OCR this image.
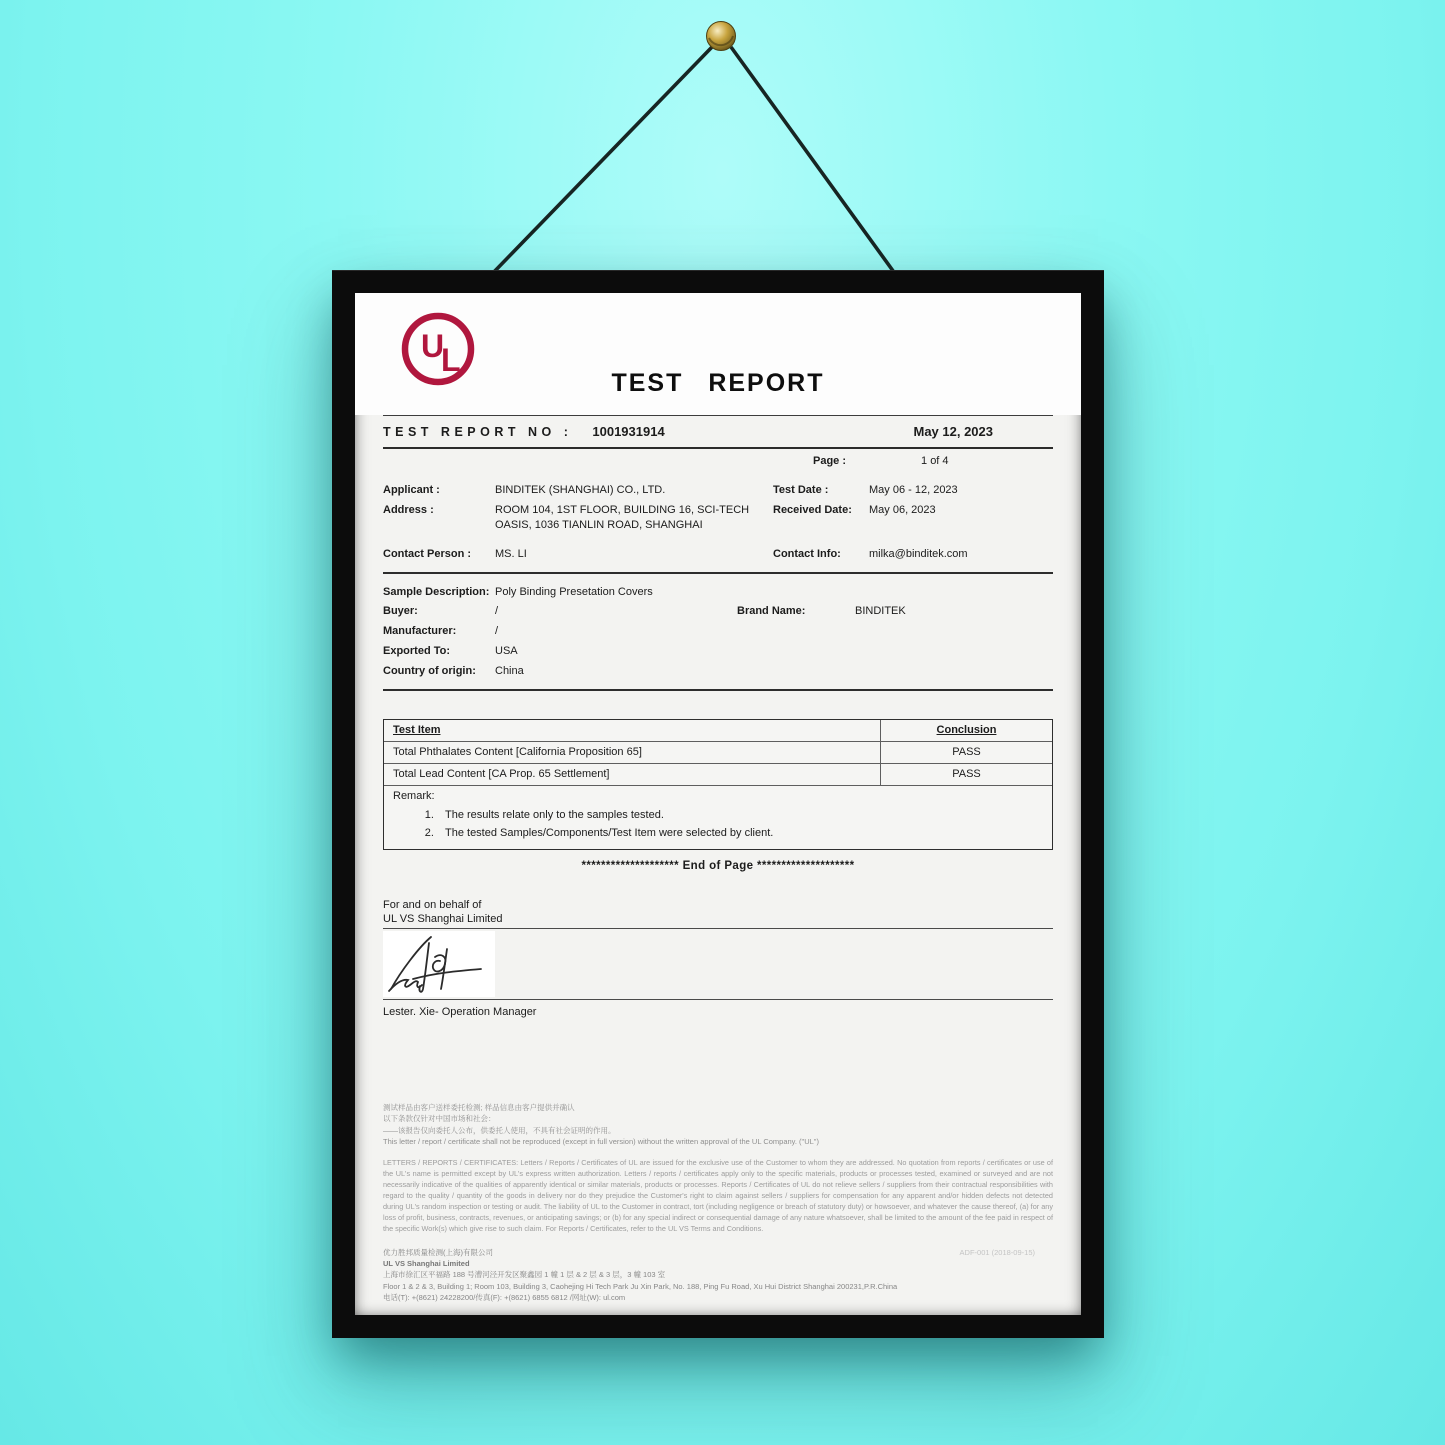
U
L
TEST REPORT
TEST REPORT NO : 1001931914	May 12, 2023
Page :	1 of 4
Applicant :	BINDITEK (SHANGHAI) CO., LTD.	Test Date :	May 06 - 12, 2023
Address :	ROOM 104, 1ST FLOOR, BUILDING 16, SCI-TECH OASIS, 1036 TIANLIN ROAD, SHANGHAI
Received Date:	May 06, 2023
Contact Person :	MS. LI	Contact Info:	milka@binditek.com
Sample Description: Poly Binding Presetation Covers
Buyer:	/	Brand Name:	BINDITEK
Manufacturer:	/
Exported To:	USA
Country of origin:	China
Test Item	Conclusion
Total Phthalates Content [California Proposition 65]	PASS
Total Lead Content [CA Prop. 65 Settlement]	PASS
Remark:
1. The results relate only to the samples tested.
2. The tested Samples/Components/Test Item were selected by client.
******************** End of Page ********************
For and on behalf of
UL VS Shanghai Limited
Lester. Xie- Operation Manager
测试样品由客户送样委托检测; 样品信息由客户提供并确认
以下条款仅针对中国市场和社会：
——该报告仅向委托人公布，供委托人使用，不具有社会证明的作用。
This letter / report / certificate shall not be reproduced (except in full version) without the written approval of the UL Company. ("UL")
LETTERS / REPORTS / CERTIFICATES: Letters / Reports / Certificates of UL are issued for the exclusive use of the Customer to whom they are addressed. No quotation from reports / certificates or use of the UL's name is permitted except by UL's express written authorization. Letters / reports / certificates apply only to the specific materials, products or processes tested, examined or surveyed and are not necessarily indicative of the qualities of apparently identical or similar materials, products or processes. Reports / Certificates of UL do not relieve sellers / suppliers from their contractual responsibilities with regard to the quality / quantity of the goods in delivery nor do they prejudice the Customer's right to claim against sellers / suppliers for compensation for any apparent and/or hidden defects not detected during UL's random inspection or testing or audit. The liability of UL to the Customer in contract, tort (including negligence or breach of statutory duty) or howsoever, and whatever the cause thereof, (a) for any loss of profit, business, contracts, revenues, or anticipating savings; or (b) for any special indirect or consequential damage of any nature whatsoever, shall be limited to the amount of the fee paid in respect of the specific Work(s) which give rise to such claim. For Reports / Certificates, refer to the UL VS Terms and Conditions.
优力胜邦质量检测(上海)有限公司
UL VS Shanghai Limited
上海市徐汇区平福路 188 号漕河泾开发区聚鑫园 1 幢 1 层 & 2 层 & 3 层，3 幢 103 室
Floor 1 & 2 & 3, Building 1; Room 103, Building 3, Caohejing Hi Tech Park Ju Xin Park, No. 188, Ping Fu Road, Xu Hui District Shanghai 200231,P.R.China
电话(T): +(8621) 24228200/传真(F): +(8621) 6855 6812 /网址(W): ul.com
ADF-001 (2018-09-15)
